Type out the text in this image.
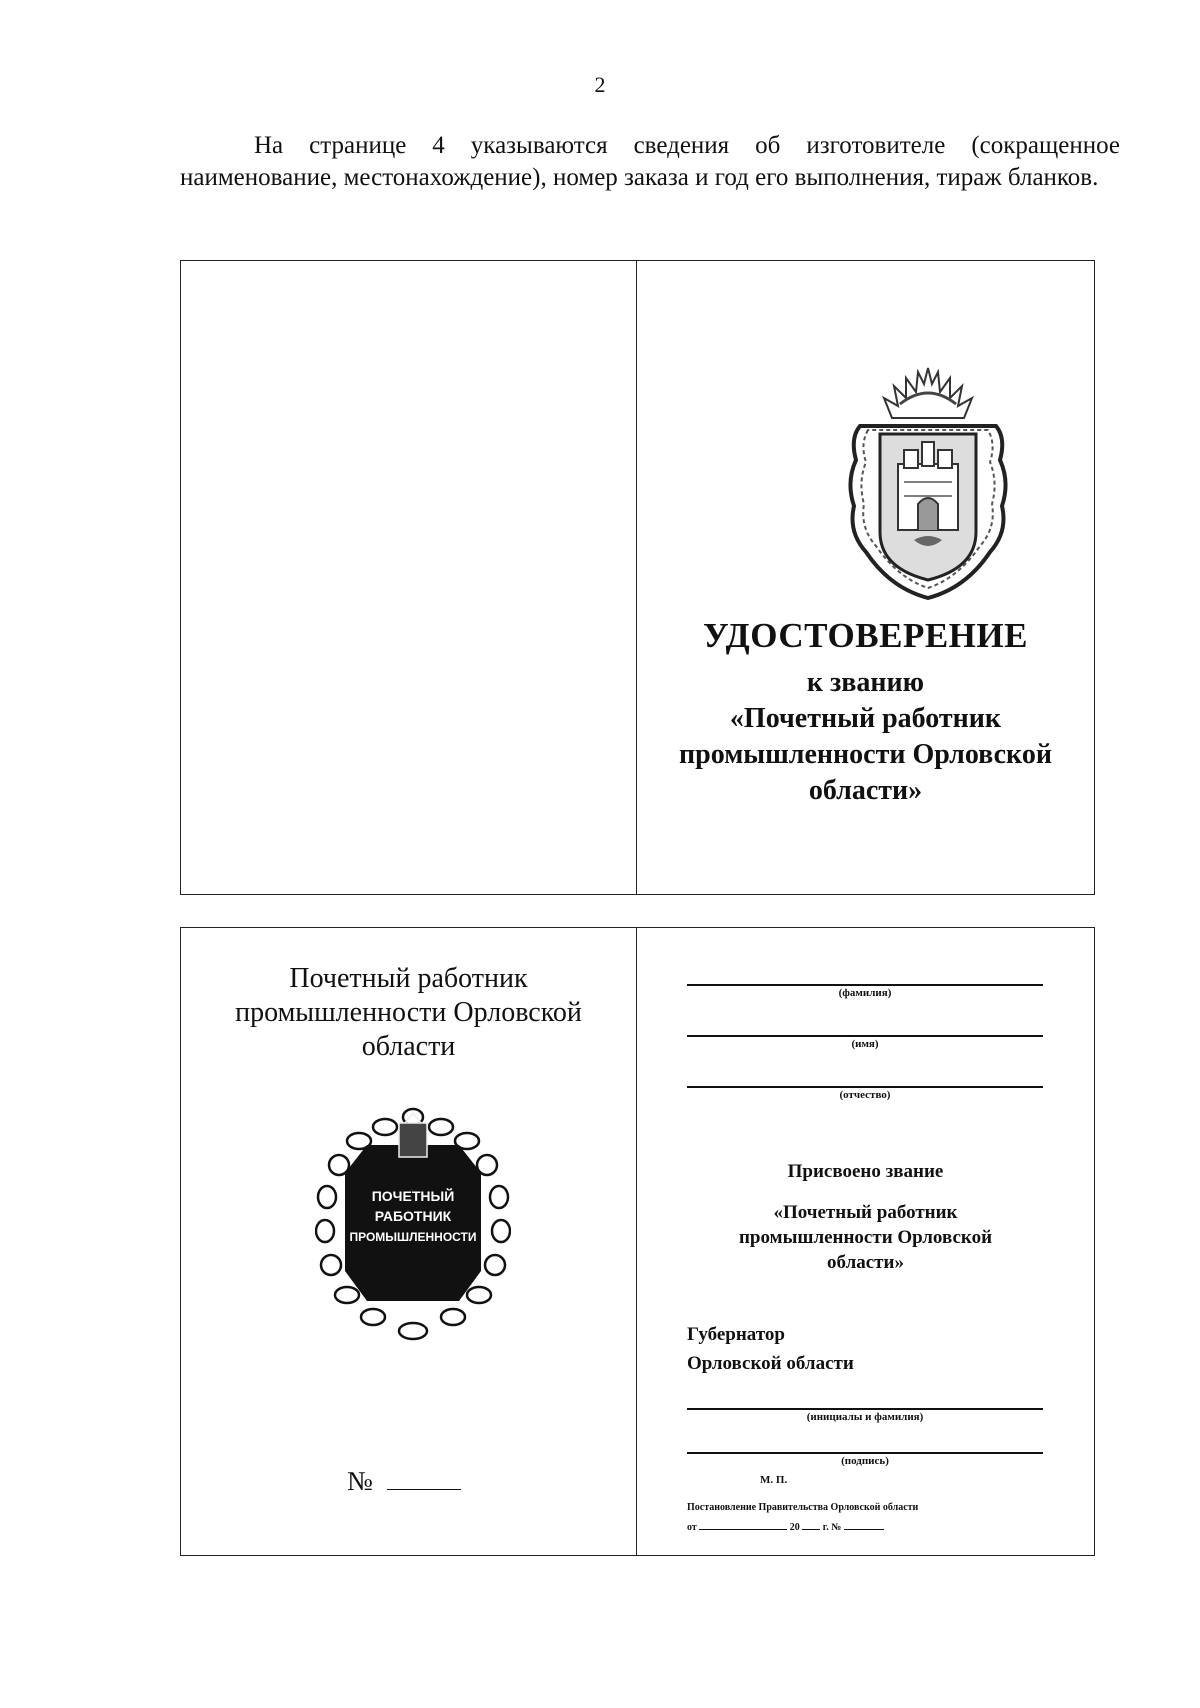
2
На странице 4 указываются сведения об изготовителе (сокращенное наименование, местонахождение), номер заказа и год его выполнения, тираж бланков.
УДОСТОВЕРЕНИЕ
к званию
«Почетный работник
промышленности Орловской
области»
Почетный работник
промышленности Орловской
области
ПОЧЕТНЫЙ
РАБОТНИК
ПРОМЫШЛЕННОСТИ
№
(фамилия)
(имя)
(отчество)
Присвоено звание
«Почетный работник
промышленности Орловской
области»
Губернатор
Орловской области
(инициалы и фамилия)
(подпись)
М. П.
Постановление Правительства Орловской области
от	20 г. №
